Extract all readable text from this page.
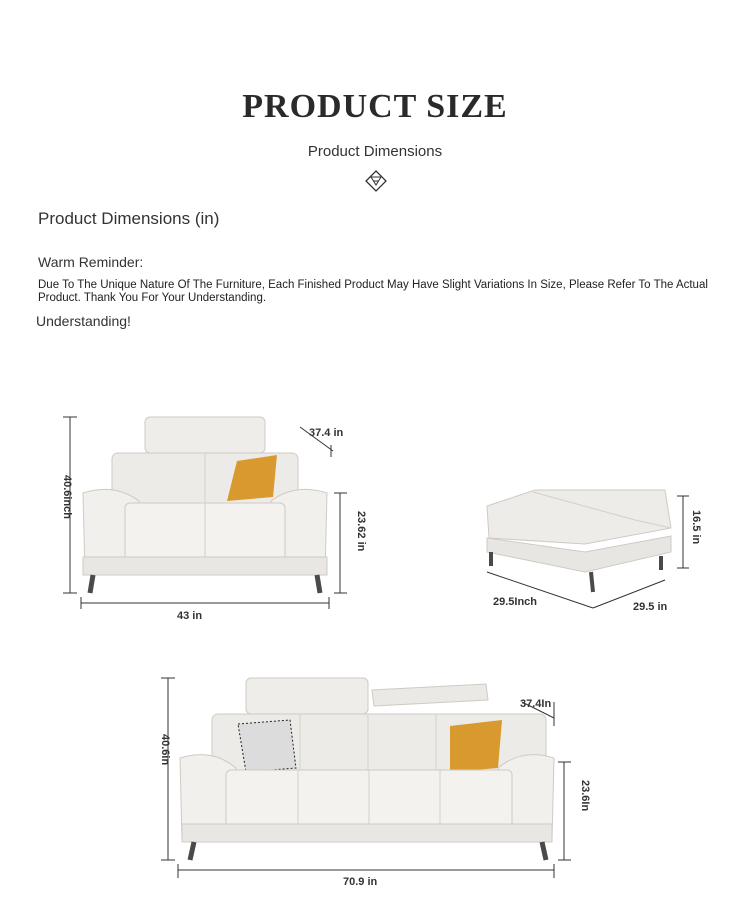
PRODUCT SIZE
Product Dimensions
Product Dimensions (in)
Warm Reminder:
Due To The Unique Nature Of The Furniture, Each Finished Product May Have Slight Variations In Size, Please Refer To The Actual Product. Thank You For Your Understanding.
Understanding!
40.6inch
37.4 in
23.62 in
43 in
16.5 in
29.5Inch	29.5 in
40.6in
37.4In
23.6In
70.9 in
